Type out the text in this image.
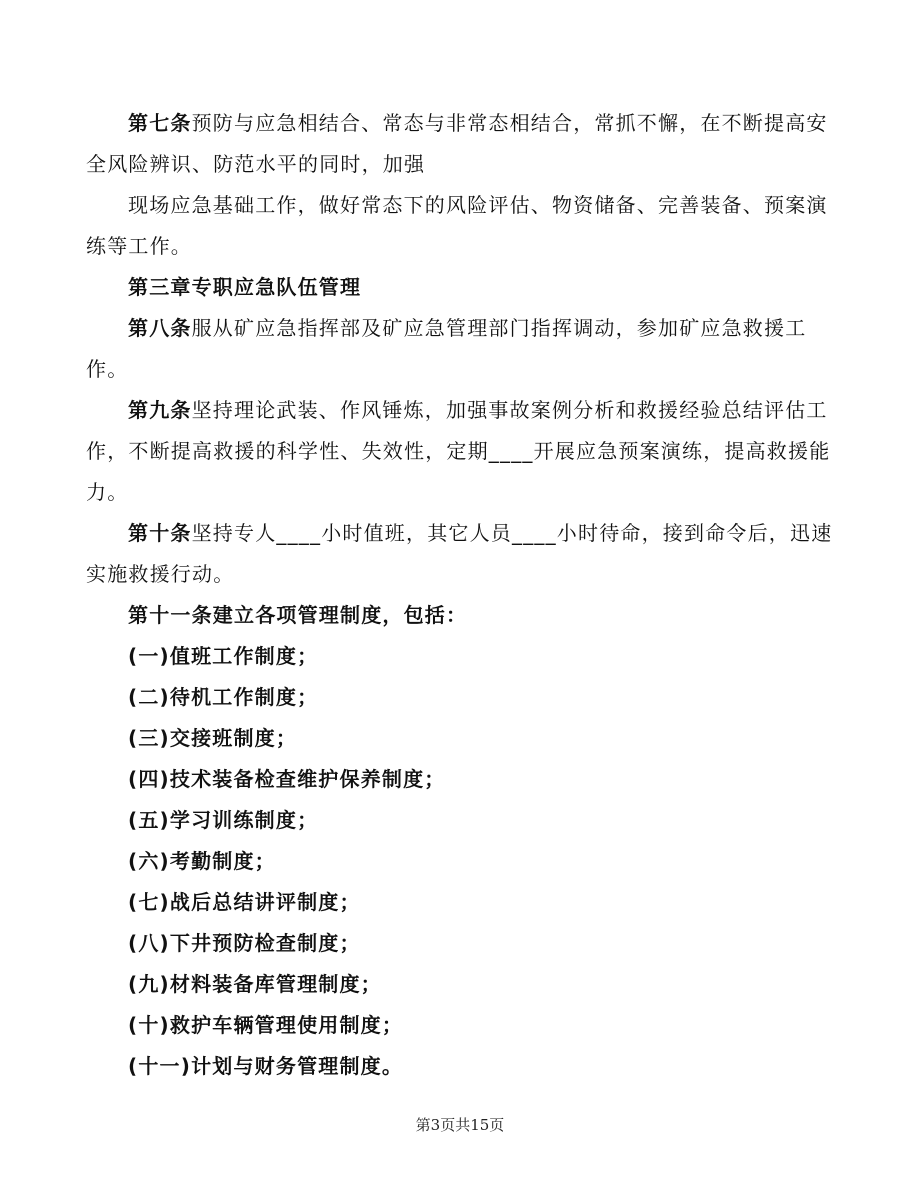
第七条预防与应急相结合、常态与非常态相结合，常抓不懈，在不断提高安全风险辨识、防范水平的同时，加强

现场应急基础工作，做好常态下的风险评估、物资储备、完善装备、预案演练等工作。

第三章专职应急队伍管理

第八条服从矿应急指挥部及矿应急管理部门指挥调动，参加矿应急救援工作。

第九条坚持理论武装、作风锤炼，加强事故案例分析和救援经验总结评估工作，不断提高救援的科学性、失效性，定期____开展应急预案演练，提高救援能力。

第十条坚持专人____小时值班，其它人员____小时待命，接到命令后，迅速实施救援行动。

第十一条建立各项管理制度，包括：

(一)值班工作制度；

(二)待机工作制度；

(三)交接班制度；

(四)技术装备检查维护保养制度；

(五)学习训练制度；

(六)考勤制度；

(七)战后总结讲评制度；

(八)下井预防检查制度；

(九)材料装备库管理制度；

(十)救护车辆管理使用制度；

(十一)计划与财务管理制度。

第3页共15页
